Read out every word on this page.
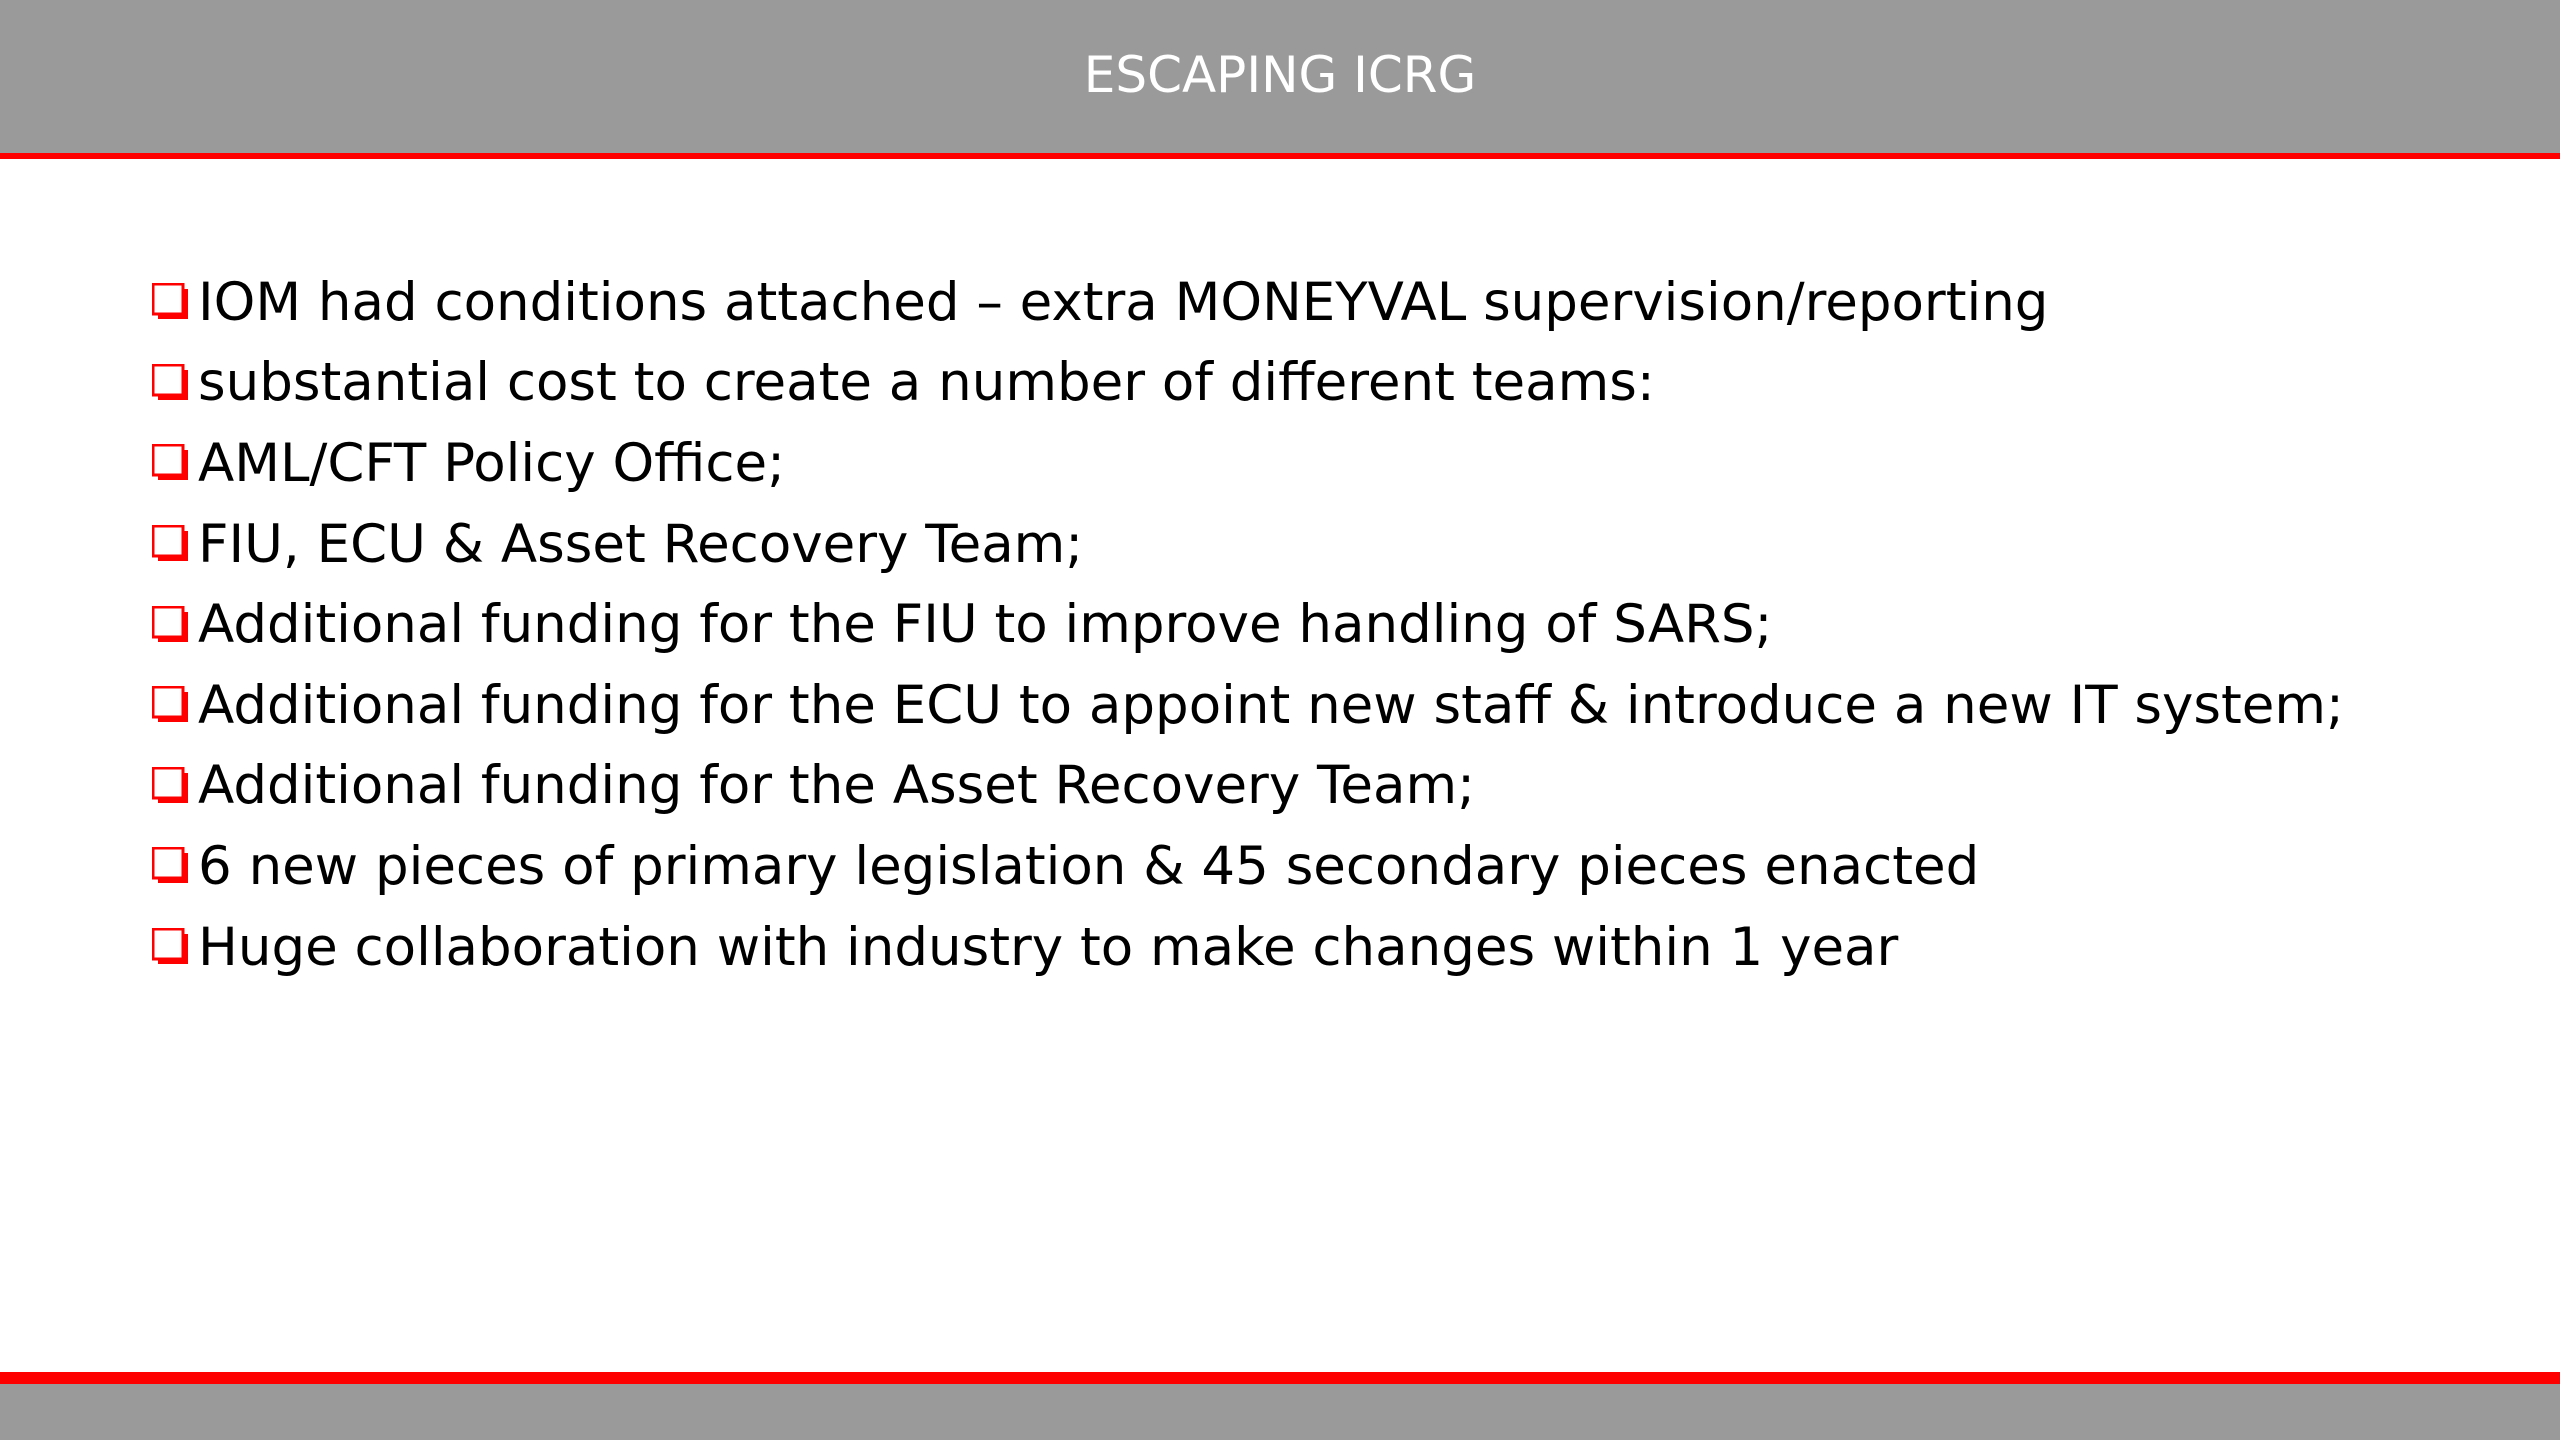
ESCAPING ICRG
IOM had conditions attached – extra MONEYVAL supervision/reporting
substantial cost to create a number of different teams:
AML/CFT Policy Office;
FIU, ECU & Asset Recovery Team;
Additional funding for the FIU to improve handling of SARS;
Additional funding for the ECU to appoint new staff & introduce a new IT system;
Additional funding for the Asset Recovery Team;
6 new pieces of primary legislation & 45 secondary pieces enacted
Huge collaboration with industry to make changes within 1 year
